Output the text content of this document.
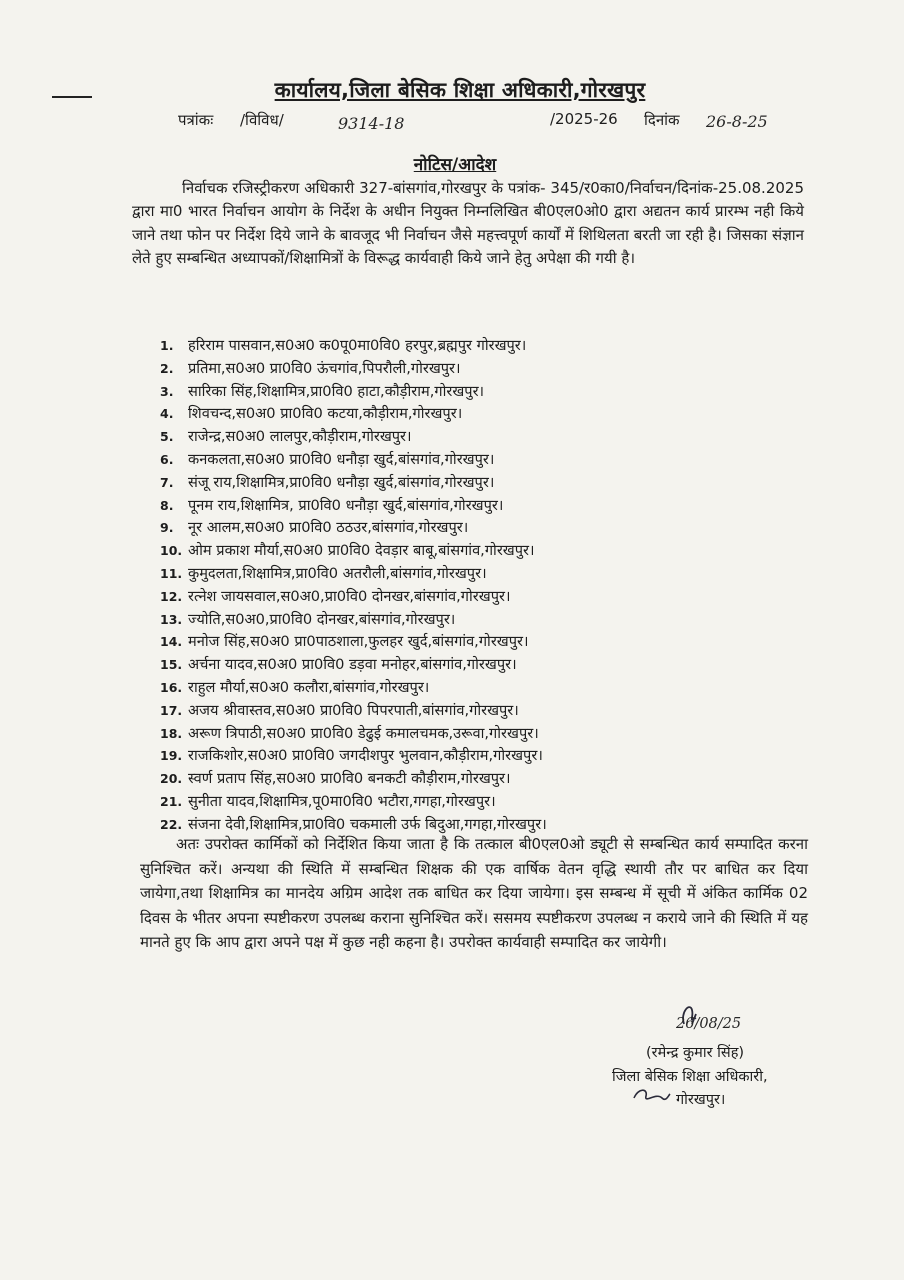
कार्यालय,जिला बेसिक शिक्षा अधिकारी,गोरखपुर
पत्रांकः /विविध/	9314-18	/2025-26 दिनांक 26-8-25
नोटिस/आदेश
निर्वाचक रजिस्ट्रीकरण अधिकारी 327-बांसगांव,गोरखपुर के पत्रांक- 345/र0का0/निर्वाचन/दिनांक-25.08.2025 द्वारा मा0 भारत निर्वाचन आयोग के निर्देश के अधीन नियुक्त निम्नलिखित बी0एल0ओ0 द्वारा अद्यतन कार्य प्रारम्भ नही किये जाने तथा फोन पर निर्देश दिये जाने के बावजूद भी निर्वाचन जैसे महत्त्वपूर्ण कार्यों में शिथिलता बरती जा रही है। जिसका संज्ञान लेते हुए सम्बन्धित अध्यापकों/शिक्षामित्रों के विरूद्ध कार्यवाही किये जाने हेतु अपेक्षा की गयी है।
1. हरिराम पासवान,स0अ0 क0पू0मा0वि0 हरपुर,ब्रह्मपुर गोरखपुर।
2. प्रतिमा,स0अ0 प्रा0वि0 ऊंचगांव,पिपरौली,गोरखपुर।
3. सारिका सिंह,शिक्षामित्र,प्रा0वि0 हाटा,कौड़ीराम,गोरखपुर।
4. शिवचन्द,स0अ0 प्रा0वि0 कटया,कौड़ीराम,गोरखपुर।
5. राजेन्द्र,स0अ0 लालपुर,कौड़ीराम,गोरखपुर।
6. कनकलता,स0अ0 प्रा0वि0 धनौड़ा खुर्द,बांसगांव,गोरखपुर।
7. संजू राय,शिक्षामित्र,प्रा0वि0 धनौड़ा खुर्द,बांसगांव,गोरखपुर।
8. पूनम राय,शिक्षामित्र, प्रा0वि0 धनौड़ा खुर्द,बांसगांव,गोरखपुर।
9. नूर आलम,स0अ0 प्रा0वि0 ठठउर,बांसगांव,गोरखपुर।
10. ओम प्रकाश मौर्या,स0अ0 प्रा0वि0 देवड़ार बाबू,बांसगांव,गोरखपुर।
11. कुमुदलता,शिक्षामित्र,प्रा0वि0 अतरौली,बांसगांव,गोरखपुर।
12. रत्नेश जायसवाल,स0अ0,प्रा0वि0 दोनखर,बांसगांव,गोरखपुर।
13. ज्योति,स0अ0,प्रा0वि0 दोनखर,बांसगांव,गोरखपुर।
14. मनोज सिंह,स0अ0 प्रा0पाठशाला,फुलहर खुर्द,बांसगांव,गोरखपुर।
15. अर्चना यादव,स0अ0 प्रा0वि0 डड़वा मनोहर,बांसगांव,गोरखपुर।
16. राहुल मौर्या,स0अ0 कलौरा,बांसगांव,गोरखपुर।
17. अजय श्रीवास्तव,स0अ0 प्रा0वि0 पिपरपाती,बांसगांव,गोरखपुर।
18. अरूण त्रिपाठी,स0अ0 प्रा0वि0 डेढुई कमालचमक,उरूवा,गोरखपुर।
19. राजकिशोर,स0अ0 प्रा0वि0 जगदीशपुर भुलवान,कौड़ीराम,गोरखपुर।
20. स्वर्ण प्रताप सिंह,स0अ0 प्रा0वि0 बनकटी कौड़ीराम,गोरखपुर।
21. सुनीता यादव,शिक्षामित्र,पू0मा0वि0 भटौरा,गगहा,गोरखपुर।
22. संजना देवी,शिक्षामित्र,प्रा0वि0 चकमाली उर्फ बिदुआ,गगहा,गोरखपुर।
अतः उपरोक्त कार्मिकों को निर्देशित किया जाता है कि तत्काल बी0एल0ओ ड्यूटी से सम्बन्धित कार्य सम्पादित करना सुनिश्चित करें। अन्यथा की स्थिति में सम्बन्धित शिक्षक की एक वार्षिक वेतन वृद्धि स्थायी तौर पर बाधित कर दिया जायेगा,तथा शिक्षामित्र का मानदेय अग्रिम आदेश तक बाधित कर दिया जायेगा। इस सम्बन्ध में सूची में अंकित कार्मिक 02 दिवस के भीतर अपना स्पष्टीकरण उपलब्ध कराना सुनिश्चित करें। ससमय स्पष्टीकरण उपलब्ध न कराये जाने की स्थिति में यह मानते हुए कि आप द्वारा अपने पक्ष में कुछ नही कहना है। उपरोक्त कार्यवाही सम्पादित कर जायेगी।
26/08/25
(रमेन्द्र कुमार सिंह)
जिला बेसिक शिक्षा अधिकारी,
गोरखपुर।
